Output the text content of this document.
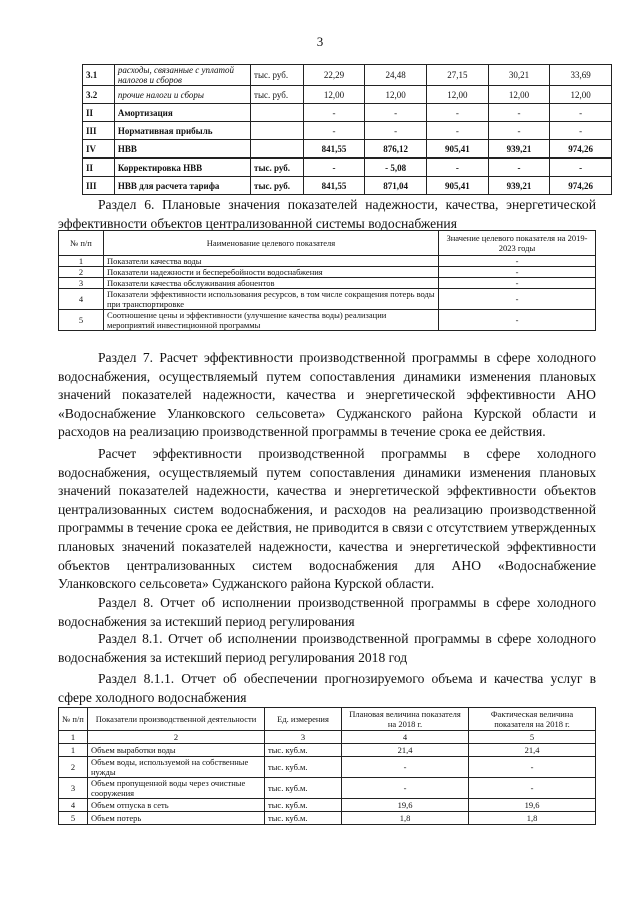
3
3.1	расходы, связанные с уплатой налогов и сборов	тыс. руб.	22,29	24,48	27,15	30,21	33,69
3.2	прочие налоги и сборы	тыс. руб.	12,00	12,00	12,00	12,00	12,00
II	Амортизация		-	-	-	-	-
III	Нормативная прибыль		-	-	-	-	-
IV	НВВ		841,55	876,12	905,41	939,21	974,26
II	Корректировка НВВ	тыс. руб.	-	- 5,08	-	-	-
III	НВВ для расчета тарифа	тыс. руб.	841,55	871,04	905,41	939,21	974,26

Раздел 6. Плановые значения показателей надежности, качества, энергетической эффективности объектов централизованной системы водоснабжения

№ п/п	Наименование целевого показателя	Значение целевого показателя на 2019-2023 годы
1	Показатели качества воды	-
2	Показатели надежности и бесперебойности водоснабжения	-
3	Показатели качества обслуживания абонентов	-
4	Показатели эффективности использования ресурсов, в том числе сокращения потерь воды при транспортировке	-
5	Соотношение цены и эффективности (улучшение качества воды) реализации мероприятий инвестиционной программы	-

Раздел 7. Расчет эффективности производственной программы в сфере холодного водоснабжения, осуществляемый путем сопоставления динамики изменения плановых значений показателей надежности, качества и энергетической эффективности АНО «Водоснабжение Уланковского сельсовета» Суджанского района Курской области и расходов на реализацию производственной программы в течение срока ее действия.

Расчет эффективности производственной программы в сфере холодного водоснабжения, осуществляемый путем сопоставления динамики изменения плановых значений показателей надежности, качества и энергетической эффективности объектов централизованных систем водоснабжения, и расходов на реализацию производственной программы в течение срока ее действия, не приводится в связи с отсутствием утвержденных плановых значений показателей надежности, качества и энергетической эффективности объектов централизованных систем водоснабжения для АНО «Водоснабжение Уланковского сельсовета» Суджанского района Курской области.

Раздел 8. Отчет об исполнении производственной программы в сфере холодного водоснабжения за истекший период регулирования

Раздел 8.1. Отчет об исполнении производственной программы в сфере холодного водоснабжения за истекший период регулирования 2018 год

Раздел 8.1.1. Отчет об обеспечении прогнозируемого объема и качества услуг в сфере холодного водоснабжения

№ п/п	Показатели производственной деятельности	Ед. измерения	Плановая величина показателя на 2018 г.	Фактическая величина показателя на 2018 г.
1	2	3	4	5
1	Объем выработки воды	тыс. куб.м.	21,4	21,4
2	Объем воды, используемой на собственные нужды	тыс. куб.м.	-	-
3	Объем пропущенной воды через очистные сооружения	тыс. куб.м.	-	-
4	Объем отпуска в сеть	тыс. куб.м.	19,6	19,6
5	Объем потерь	тыс. куб.м.	1,8	1,8
